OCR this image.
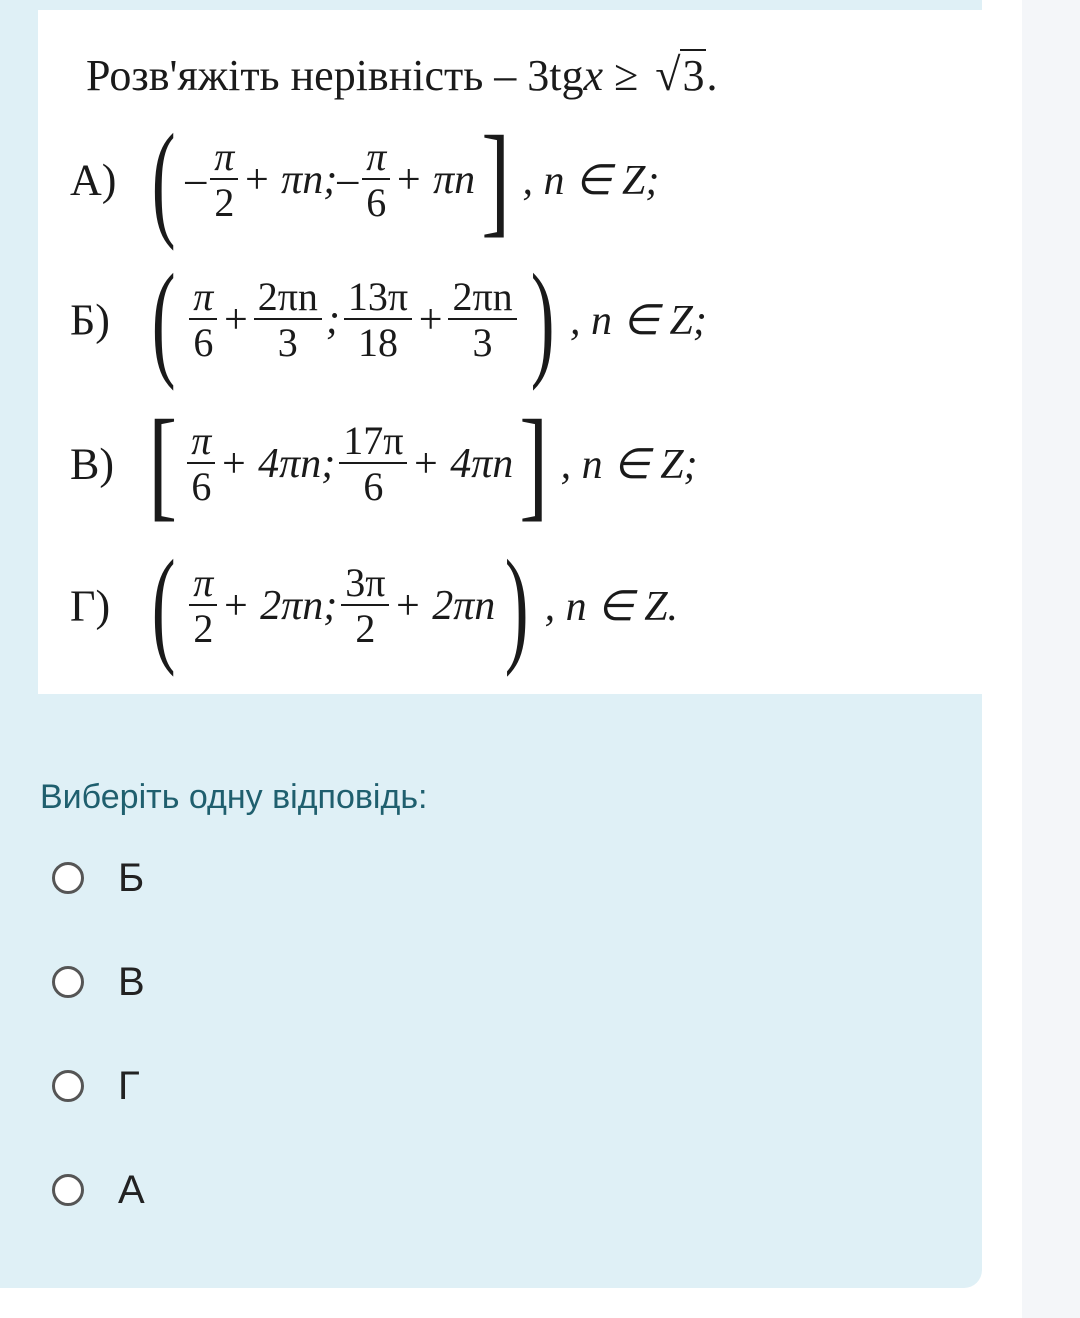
Розв'яжіть нерівність – 3tgx ≥ √3.
А) ( – $\frac{\pi}{2}$ + πn;– $\frac{\pi}{6} + \pi n$ ] , n ∈ Z;
Б) ( $\frac{\pi}{6} + \frac{2\pi n}{3}$ ; $\frac{13\pi}{18} + \frac{2\pi n}{3}$ ) , n ∈ Z;
В) [ $\frac{\pi}{6} + 4\pi n$; $\frac{17\pi}{6} + 4\pi n$ ] , n ∈ Z;
Г) ( $\frac{\pi}{2} + 2\pi n$; $\frac{3\pi}{2} + 2\pi n$ ) , n ∈ Z.
Виберіть одну відповідь:
Б
В
Г
А
